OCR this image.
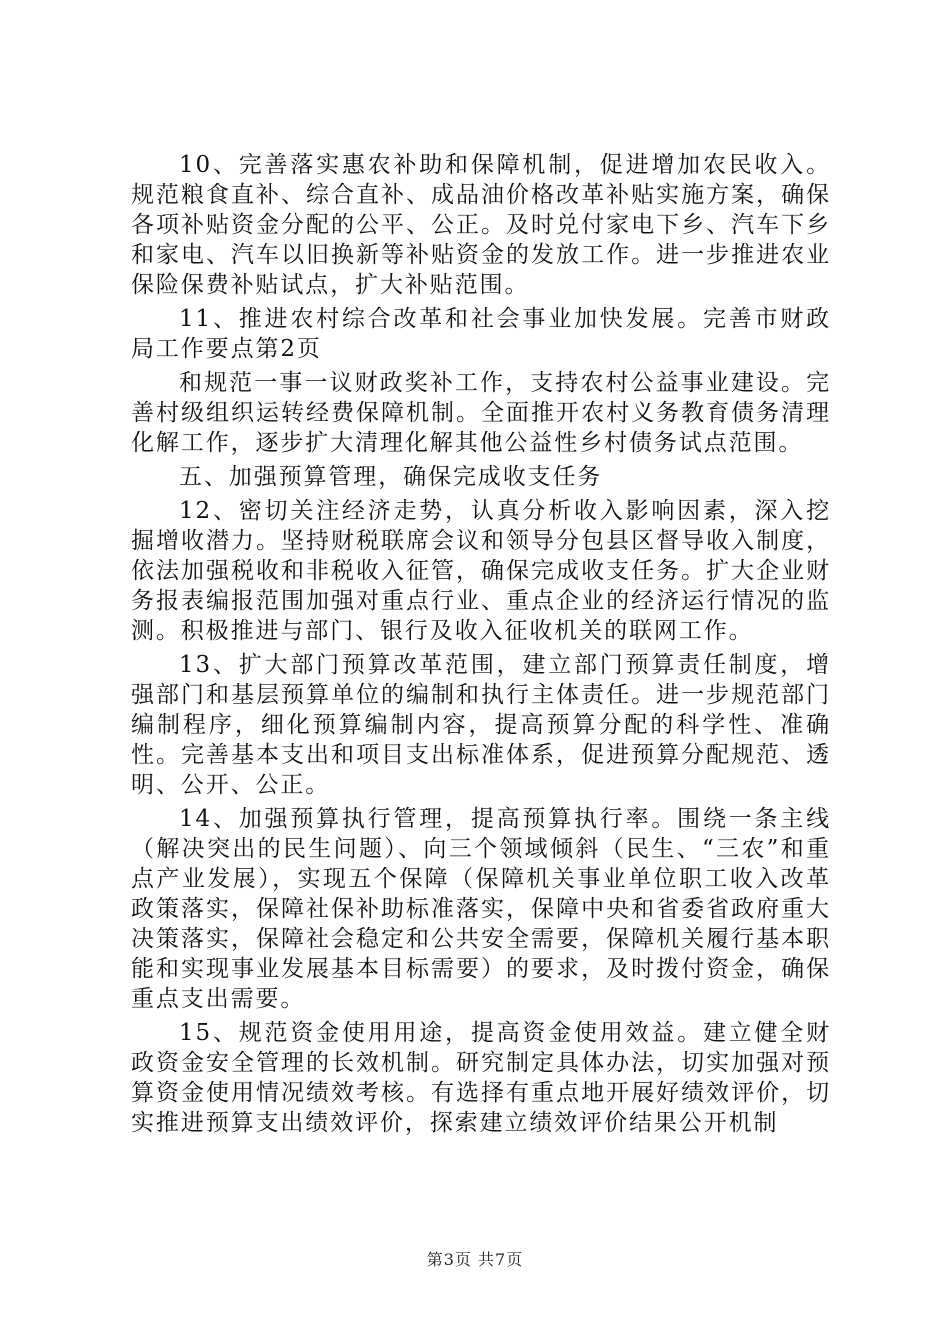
10、完善落实惠农补助和保障机制，促进增加农民收入。规范粮食直补、综合直补、成品油价格改革补贴实施方案，确保各项补贴资金分配的公平、公正。及时兑付家电下乡、汽车下乡和家电、汽车以旧换新等补贴资金的发放工作。进一步推进农业保险保费补贴试点，扩大补贴范围。

11、推进农村综合改革和社会事业加快发展。完善市财政局工作要点第2页

和规范一事一议财政奖补工作，支持农村公益事业建设。完善村级组织运转经费保障机制。全面推开农村义务教育债务清理化解工作，逐步扩大清理化解其他公益性乡村债务试点范围。

五、加强预算管理，确保完成收支任务

12、密切关注经济走势，认真分析收入影响因素，深入挖掘增收潜力。坚持财税联席会议和领导分包县区督导收入制度，依法加强税收和非税收入征管，确保完成收支任务。扩大企业财务报表编报范围加强对重点行业、重点企业的经济运行情况的监测。积极推进与部门、银行及收入征收机关的联网工作。

13、扩大部门预算改革范围，建立部门预算责任制度，增强部门和基层预算单位的编制和执行主体责任。进一步规范部门编制程序，细化预算编制内容，提高预算分配的科学性、准确性。完善基本支出和项目支出标准体系，促进预算分配规范、透明、公开、公正。

14、加强预算执行管理，提高预算执行率。围绕一条主线（解决突出的民生问题）、向三个领域倾斜（民生、“三农”和重点产业发展），实现五个保障（保障机关事业单位职工收入改革政策落实，保障社保补助标准落实，保障中央和省委省政府重大决策落实，保障社会稳定和公共安全需要，保障机关履行基本职能和实现事业发展基本目标需要）的要求，及时拨付资金，确保重点支出需要。

15、规范资金使用用途，提高资金使用效益。建立健全财政资金安全管理的长效机制。研究制定具体办法，切实加强对预算资金使用情况绩效考核。有选择有重点地开展好绩效评价，切实推进预算支出绩效评价，探索建立绩效评价结果公开机制

第3页 共7页
